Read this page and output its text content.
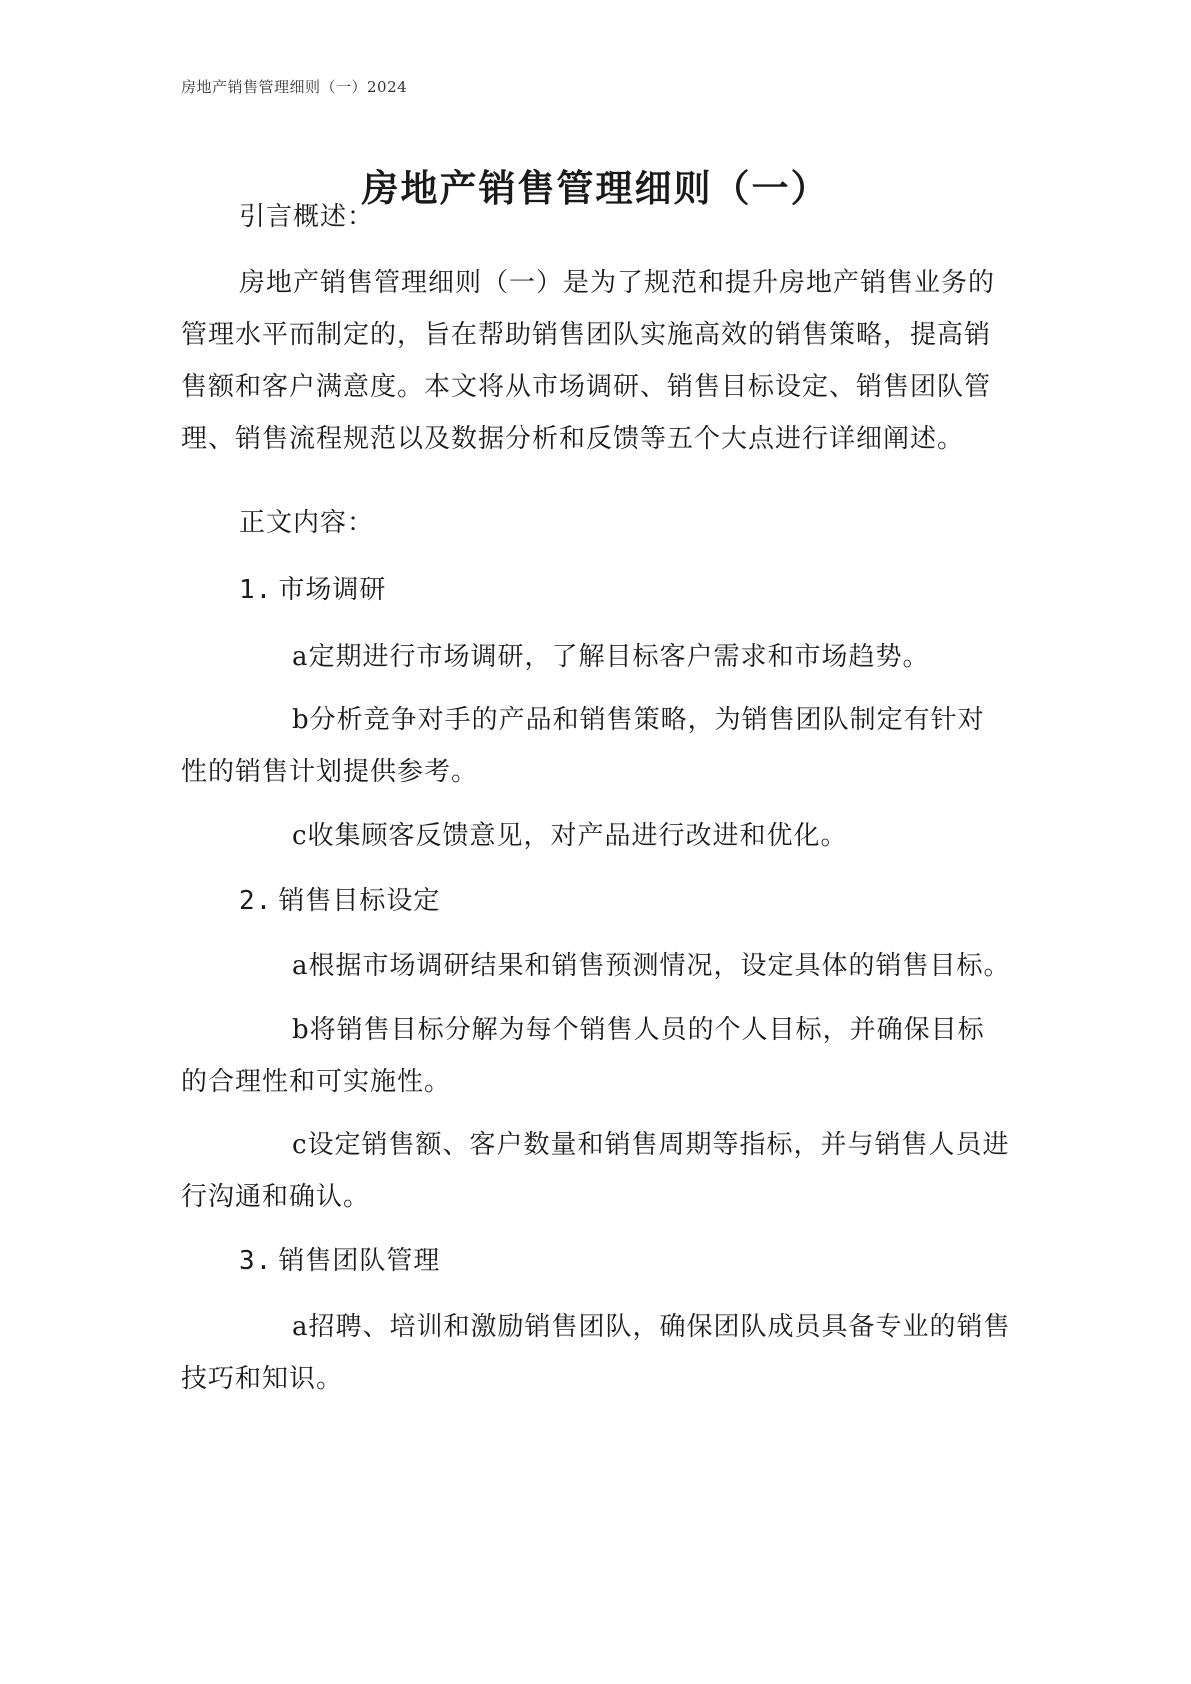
房地产销售管理细则（一）2024
房地产销售管理细则（一）

引言概述：

房地产销售管理细则（一）是为了规范和提升房地产销售业务的管理水平而制定的，旨在帮助销售团队实施高效的销售策略，提高销售额和客户满意度。本文将从市场调研、销售目标设定、销售团队管理、销售流程规范以及数据分析和反馈等五个大点进行详细阐述。

正文内容：

1. 市场调研

a定期进行市场调研，了解目标客户需求和市场趋势。

b分析竞争对手的产品和销售策略，为销售团队制定有针对性的销售计划提供参考。

c收集顾客反馈意见，对产品进行改进和优化。

2. 销售目标设定

a根据市场调研结果和销售预测情况，设定具体的销售目标。

b将销售目标分解为每个销售人员的个人目标，并确保目标的合理性和可实施性。

c设定销售额、客户数量和销售周期等指标，并与销售人员进行沟通和确认。

3. 销售团队管理

a招聘、培训和激励销售团队，确保团队成员具备专业的销售技巧和知识。
